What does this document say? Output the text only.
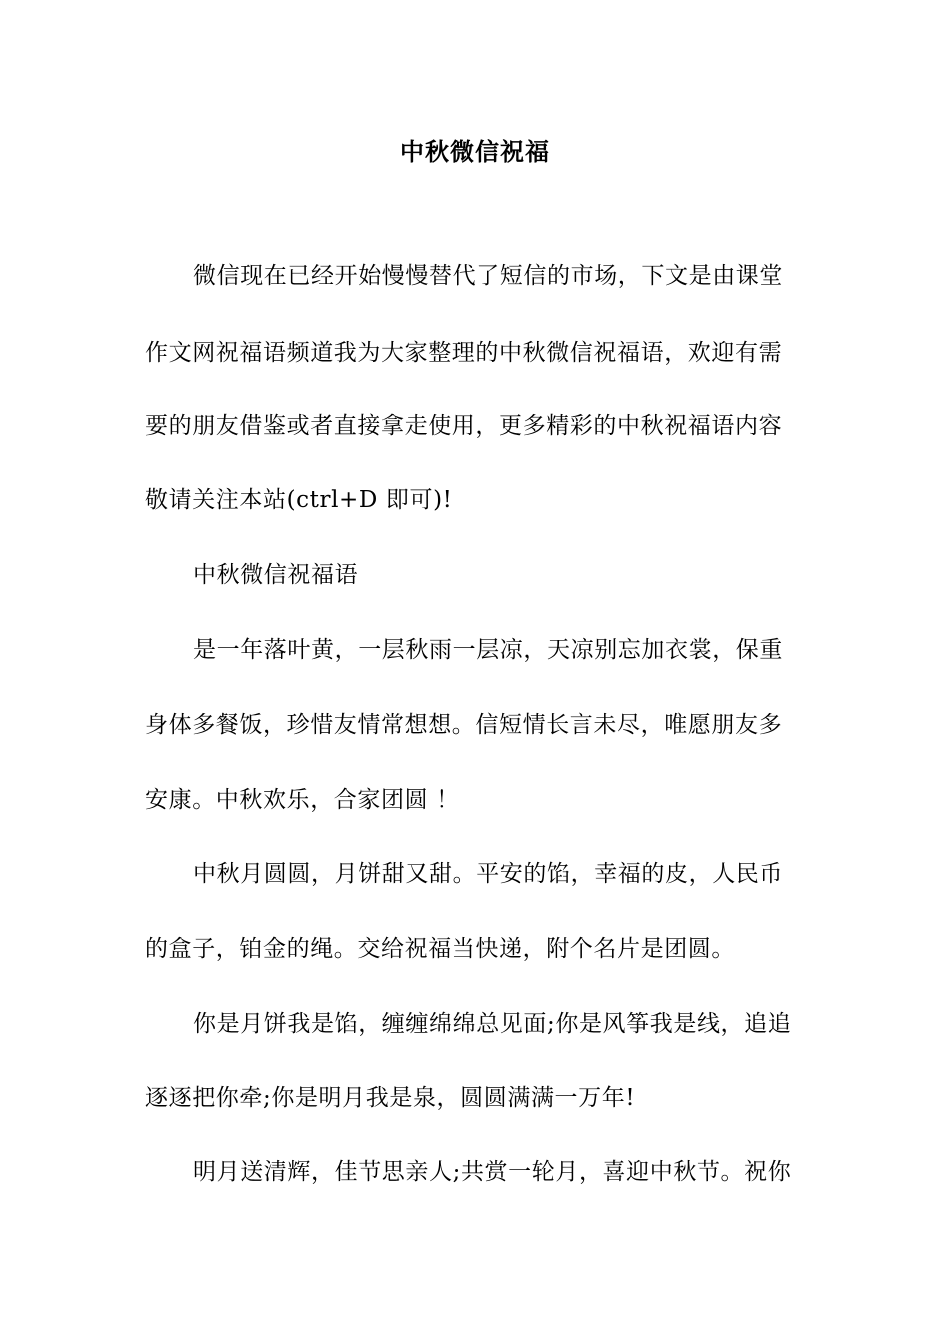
中秋微信祝福
微信现在已经开始慢慢替代了短信的市场，下文是由课堂
作文网祝福语频道我为大家整理的中秋微信祝福语，欢迎有需
要的朋友借鉴或者直接拿走使用，更多精彩的中秋祝福语内容
敬请关注本站(ctrl+D 即可)!
中秋微信祝福语
是一年落叶黄，一层秋雨一层凉，天凉别忘加衣裳，保重
身体多餐饭，珍惜友情常想想。信短情长言未尽，唯愿朋友多
安康。中秋欢乐，合家团圆 ！
中秋月圆圆，月饼甜又甜。平安的馅，幸福的皮，人民币
的盒子，铂金的绳。交给祝福当快递，附个名片是团圆。
你是月饼我是馅，缠缠绵绵总见面;你是风筝我是线，追追
逐逐把你牵;你是明月我是泉，圆圆满满一万年!
明月送清辉，佳节思亲人;共赏一轮月，喜迎中秋节。祝你
